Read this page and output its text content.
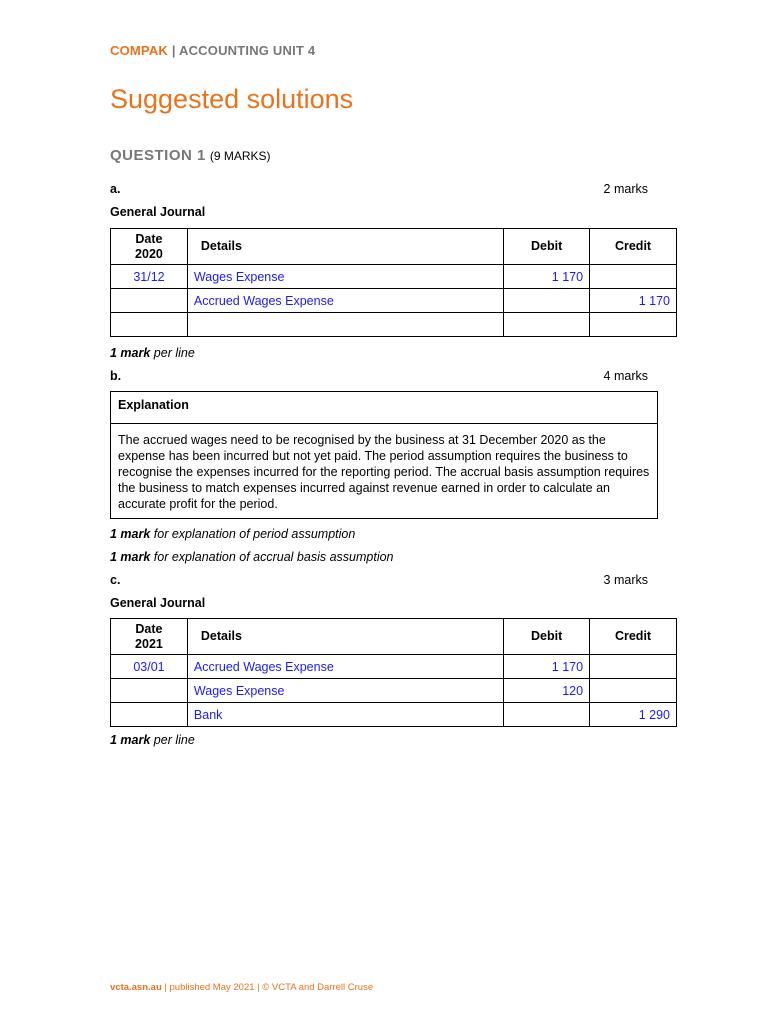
COMPAK | ACCOUNTING UNIT 4
Suggested solutions
QUESTION 1 (9 MARKS)
a.	2 marks
General Journal
Date
2020	Details	Debit	Credit
31/12	Wages Expense	1 170	
	Accrued Wages Expense		1 170

1 mark per line
b.	4 marks
Explanation
The accrued wages need to be recognised by the business at 31 December 2020 as the expense has been incurred but not yet paid. The period assumption requires the business to recognise the expenses incurred for the reporting period. The accrual basis assumption requires the business to match expenses incurred against revenue earned in order to calculate an accurate profit for the period.
1 mark for explanation of period assumption
1 mark for explanation of accrual basis assumption
c.	3 marks
General Journal
Date
2021	Details	Debit	Credit
03/01	Accrued Wages Expense	1 170	
	Wages Expense	120	
	Bank		1 290
1 mark per line
vcta.asn.au | published May 2021 | © VCTA and Darrell Cruse
